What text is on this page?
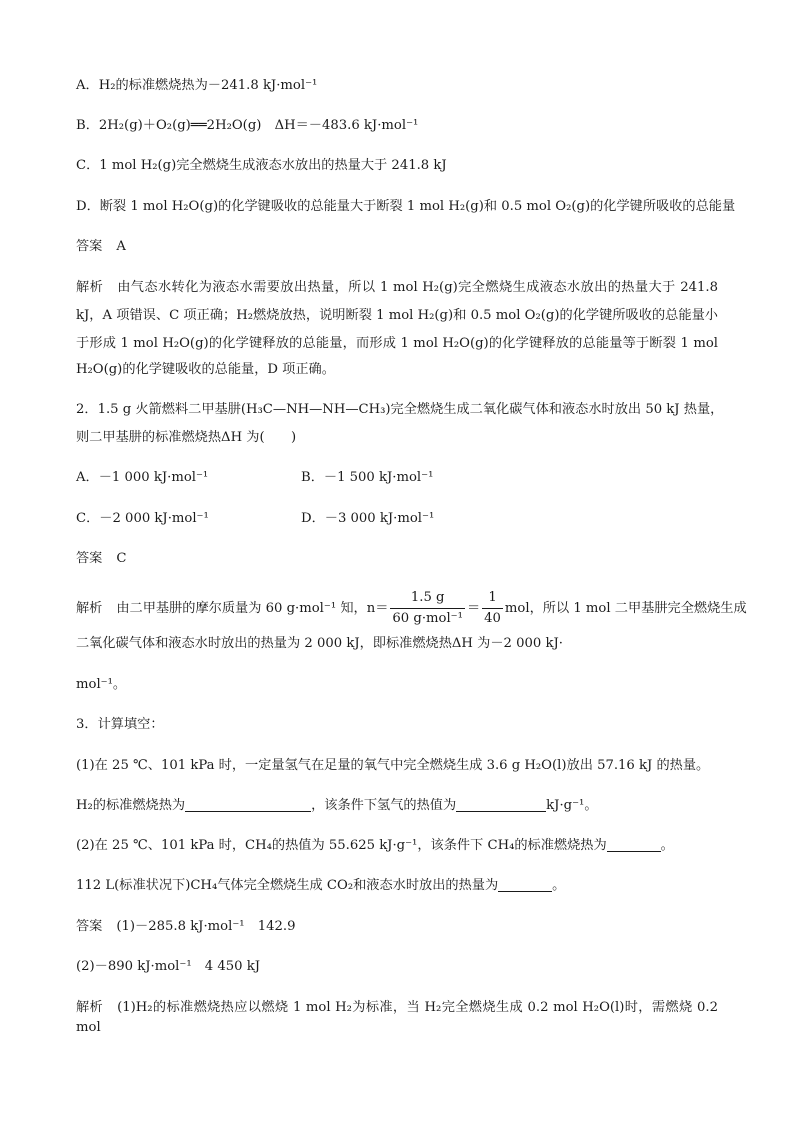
A．H₂的标准燃烧热为－241.8 kJ·mol⁻¹
B．2H₂(g)＋O₂(g)══2H₂O(g)　ΔH＝－483.6 kJ·mol⁻¹
C．1 mol H₂(g)完全燃烧生成液态水放出的热量大于 241.8 kJ
D．断裂 1 mol H₂O(g)的化学键吸收的总能量大于断裂 1 mol H₂(g)和 0.5 mol O₂(g)的化学键所吸收的总能量
答案 A
解析 由气态水转化为液态水需要放出热量，所以 1 mol H₂(g)完全燃烧生成液态水放出的热量大于 241.8
kJ，A 项错误、C 项正确；H₂燃烧放热，说明断裂 1 mol H₂(g)和 0.5 mol O₂(g)的化学键所吸收的总能量小
于形成 1 mol H₂O(g)的化学键释放的总能量，而形成 1 mol H₂O(g)的化学键释放的总能量等于断裂 1 mol
H₂O(g)的化学键吸收的总能量，D 项正确。
2．1.5 g 火箭燃料二甲基肼(H₃C—NH—NH—CH₃)完全燃烧生成二氧化碳气体和液态水时放出 50 kJ 热量，
则二甲基肼的标准燃烧热ΔH 为(　　)
A．－1 000 kJ·mol⁻¹	B．－1 500 kJ·mol⁻¹
C．－2 000 kJ·mol⁻¹	D．－3 000 kJ·mol⁻¹
答案 C
解析 由二甲基肼的摩尔质量为 60 g·mol⁻¹ 知，$n= \frac{1.5 g}{\text{60 g·mol⁻¹}} = \frac{1}{40}$ mol，所以 1 mol 二甲基肼完全燃烧生成
二氧化碳气体和液态水时放出的热量为 2 000 kJ，即标准燃烧热ΔH 为－2 000 kJ·
mol⁻¹。
3．计算填空：
(1)在 25 ℃、101 kPa 时，一定量氢气在足量的氧气中完全燃烧生成 3.6 g H₂O(l)放出 57.16 kJ 的热量。
H₂的标准燃烧热为	，该条件下氢气的热值为	kJ·g⁻¹。
(2)在 25 ℃、101 kPa 时，CH₄的热值为 55.625 kJ·g⁻¹，该条件下 CH₄的标准燃烧热为	。
112 L(标准状况下)CH₄气体完全燃烧生成 CO₂和液态水时放出的热量为	。
答案 (1)－285.8 kJ·mol⁻¹　142.9
(2)－890 kJ·mol⁻¹　4 450 kJ
解析 (1)H₂的标准燃烧热应以燃烧 1 mol H₂为标准，当 H₂完全燃烧生成 0.2 mol H₂O(l)时，需燃烧 0.2 mol
